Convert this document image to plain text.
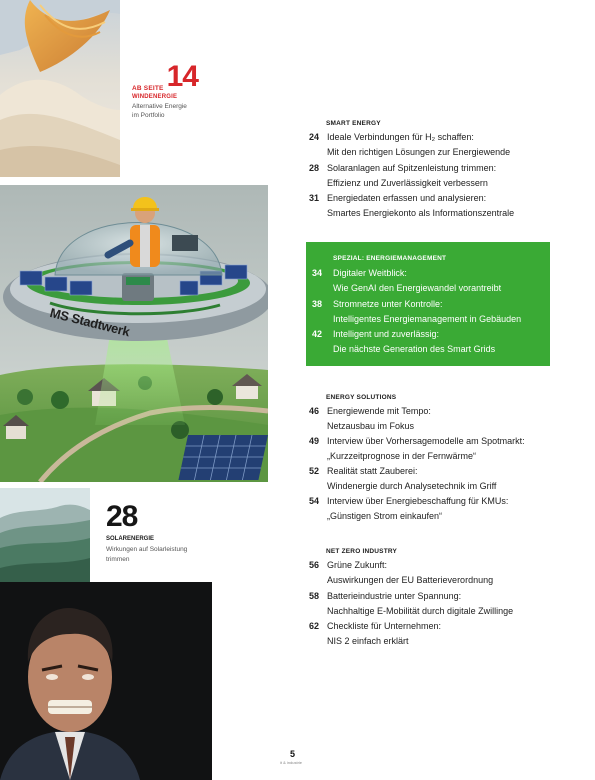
MS Stadtwerk
AB SEITE 14
WINDENERGIE
Alternative Energie im Portfolio
28
SOLARENERGIE
Wirkungen auf Solarleistung trimmen
SMART ENERGY
24 Ideale Verbindungen für H₂ schaffen:
Mit den richtigen Lösungen zur Energiewende
28 Solaranlagen auf Spitzenleistung trimmen:
Effizienz und Zuverlässigkeit verbessern
31 Energiedaten erfassen und analysieren:
Smartes Energiekonto als Informationszentrale
SPEZIAL: ENERGIEMANAGEMENT
34 Digitaler Weitblick:
Wie GenAI den Energiewandel vorantreibt
38 Stromnetze unter Kontrolle:
Intelligentes Energiemanagement in Gebäuden
42 Intelligent und zuverlässig:
Die nächste Generation des Smart Grids
ENERGY SOLUTIONS
46 Energiewende mit Tempo:
Netzausbau im Fokus
49 Interview über Vorhersagemodelle am Spotmarkt:
„Kurzzeitprognose in der Fernwärme“
52 Realität statt Zauberei:
Windenergie durch Analysetechnik im Griff
54 Interview über Energiebeschaffung für KMUs:
„Günstigen Strom einkaufen“
NET ZERO INDUSTRY
56 Grüne Zukunft:
Auswirkungen der EU Batterieverordnung
58 Batterieindustrie unter Spannung:
Nachhaltige E-Mobilität durch digitale Zwillinge
62 Checkliste für Unternehmen:
NIS 2 einfach erklärt
5
it & industrie
